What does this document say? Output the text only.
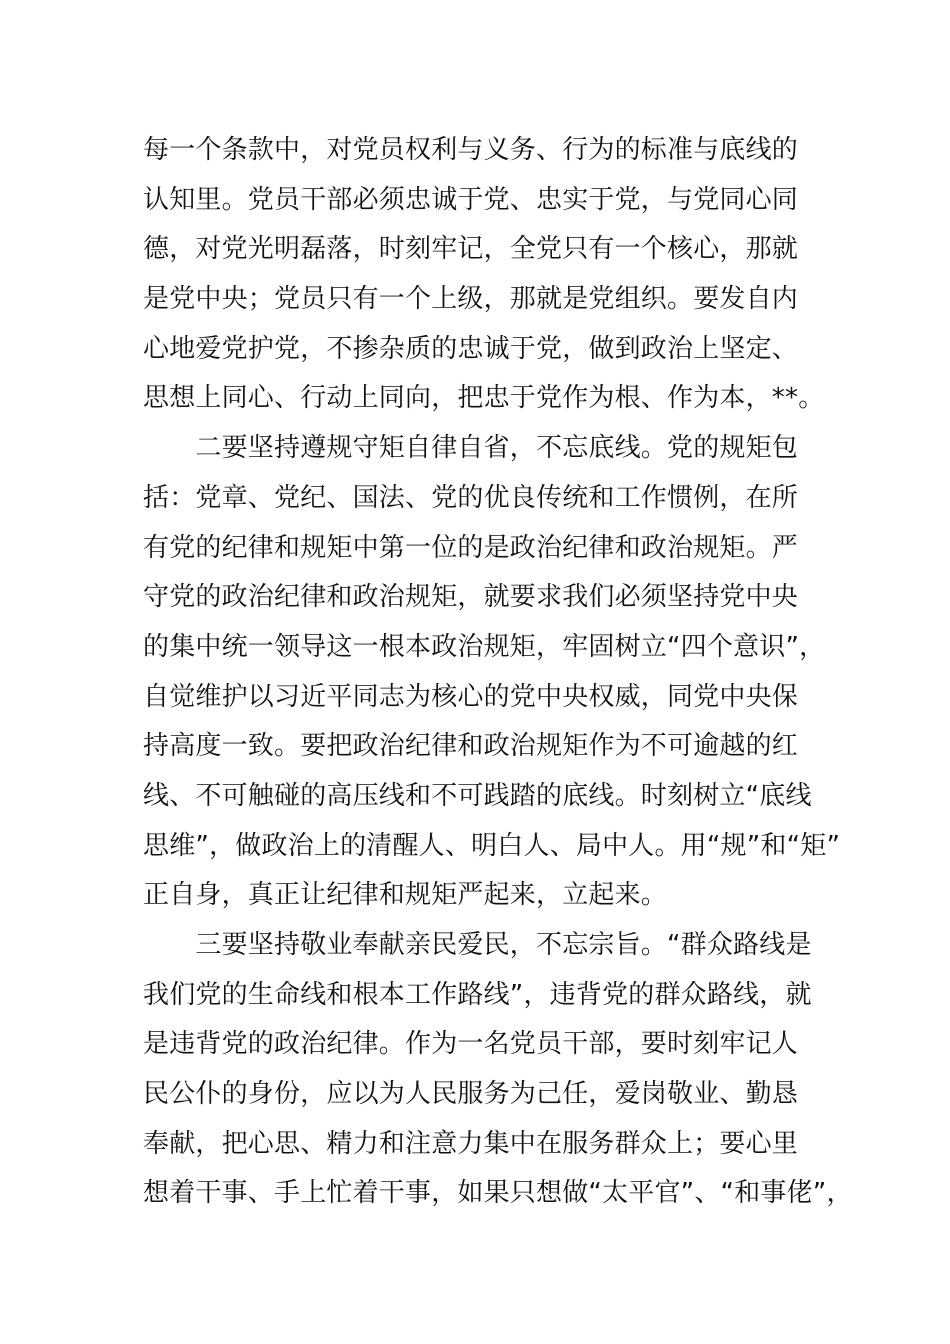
每一个条款中，对党员权利与义务、行为的标准与底线的
认知里。党员干部必须忠诚于党、忠实于党，与党同心同
德，对党光明磊落，时刻牢记，全党只有一个核心，那就
是党中央；党员只有一个上级，那就是党组织。要发自内
心地爱党护党，不掺杂质的忠诚于党，做到政治上坚定、
思想上同心、行动上同向，把忠于党作为根、作为本，**。
　　二要坚持遵规守矩自律自省，不忘底线。党的规矩包
括：党章、党纪、国法、党的优良传统和工作惯例，在所
有党的纪律和规矩中第一位的是政治纪律和政治规矩。严
守党的政治纪律和政治规矩，就要求我们必须坚持党中央
的集中统一领导这一根本政治规矩，牢固树立“四个意识”，
自觉维护以习近平同志为核心的党中央权威，同党中央保
持高度一致。要把政治纪律和政治规矩作为不可逾越的红
线、不可触碰的高压线和不可践踏的底线。时刻树立“底线
思维”，做政治上的清醒人、明白人、局中人。用“规”和“矩”
正自身，真正让纪律和规矩严起来，立起来。
　　三要坚持敬业奉献亲民爱民，不忘宗旨。“群众路线是
我们党的生命线和根本工作路线”，违背党的群众路线，就
是违背党的政治纪律。作为一名党员干部，要时刻牢记人
民公仆的身份，应以为人民服务为己任，爱岗敬业、勤恳
奉献，把心思、精力和注意力集中在服务群众上；要心里
想着干事、手上忙着干事，如果只想做“太平官”、“和事佬”，
